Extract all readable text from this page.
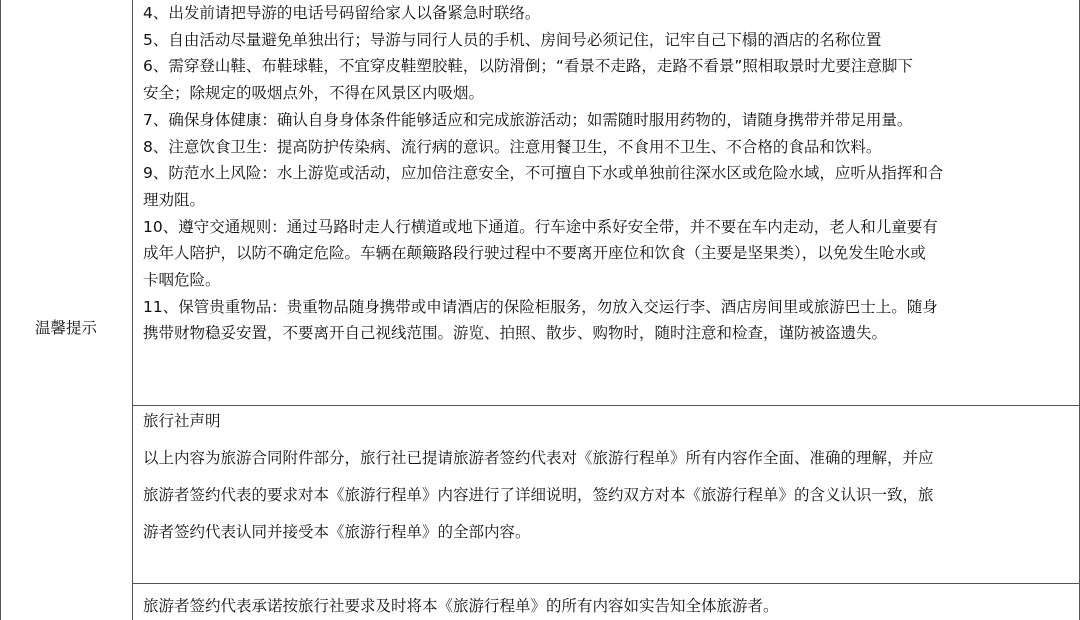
温馨提示

4、出发前请把导游的电话号码留给家人以备紧急时联络。

5、自由活动尽量避免单独出行；导游与同行人员的手机、房间号必须记住，记牢自己下榻的酒店的名称位置

6、需穿登山鞋、布鞋球鞋，不宜穿皮鞋塑胶鞋，以防滑倒；“看景不走路，走路不看景”照相取景时尤要注意脚下

安全；除规定的吸烟点外，不得在风景区内吸烟。

7、确保身体健康：确认自身身体条件能够适应和完成旅游活动；如需随时服用药物的，请随身携带并带足用量。

8、注意饮食卫生：提高防护传染病、流行病的意识。注意用餐卫生，不食用不卫生、不合格的食品和饮料。

9、防范水上风险：水上游览或活动，应加倍注意安全，不可擅自下水或单独前往深水区或危险水域，应听从指挥和合

理劝阻。

10、遵守交通规则：通过马路时走人行横道或地下通道。行车途中系好安全带，并不要在车内走动，老人和儿童要有

成年人陪护，以防不确定危险。车辆在颠簸路段行驶过程中不要离开座位和饮食（主要是坚果类），以免发生呛水或

卡咽危险。

11、保管贵重物品：贵重物品随身携带或申请酒店的保险柜服务，勿放入交运行李、酒店房间里或旅游巴士上。随身

携带财物稳妥安置，不要离开自己视线范围。游览、拍照、散步、购物时，随时注意和检查，谨防被盗遗失。

旅行社声明

以上内容为旅游合同附件部分，旅行社已提请旅游者签约代表对《旅游行程单》所有内容作全面、准确的理解，并应
旅游者签约代表的要求对本《旅游行程单》内容进行了详细说明，签约双方对本《旅游行程单》的含义认识一致，旅
游者签约代表认同并接受本《旅游行程单》的全部内容。

旅游者签约代表承诺按旅行社要求及时将本《旅游行程单》的所有内容如实告知全体旅游者。
